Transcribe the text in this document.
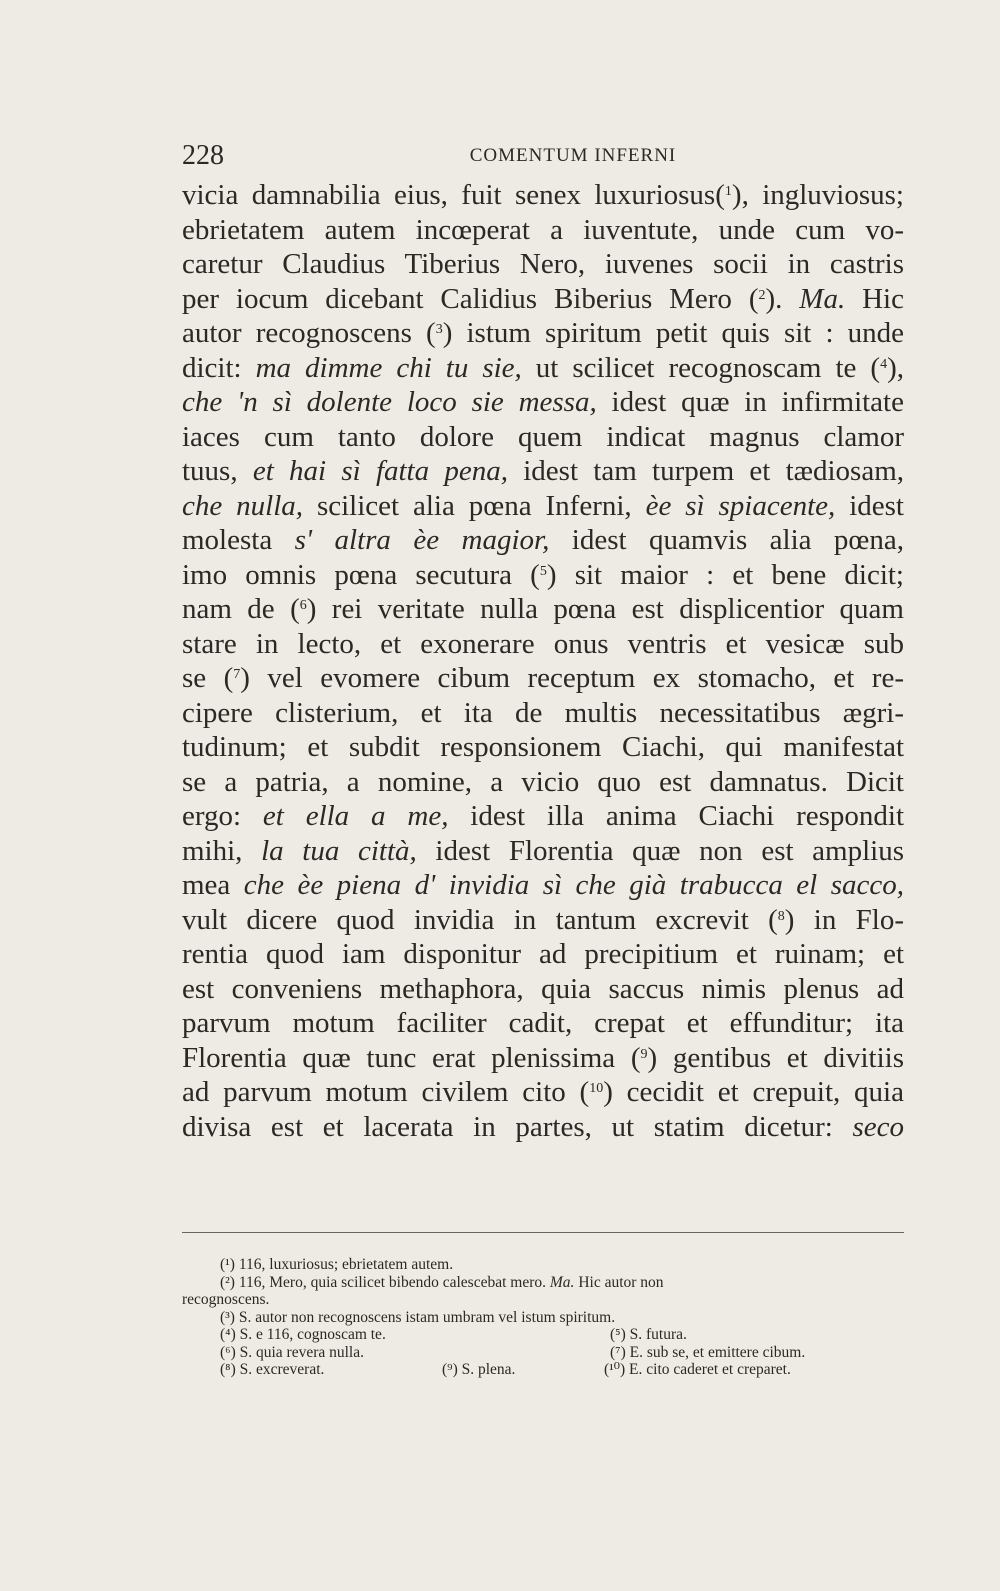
228	COMENTUM INFERNI
vicia damnabilia eius, fuit senex luxuriosus($^1$), ingluviosus;
ebrietatem autem incœperat a iuventute, unde cum vo-
caretur Claudius Tiberius Nero, iuvenes socii in castris
per iocum dicebant Calidius Biberius Mero ($^2$). Ma. Hic
autor recognoscens ($^3$) istum spiritum petit quis sit : unde
dicit: ma dimme chi tu sie, ut scilicet recognoscam te ($^4$),
che 'n sì dolente loco sie messa, idest quæ in infirmitate
iaces cum tanto dolore quem indicat magnus clamor
tuus, et hai sì fatta pena, idest tam turpem et tædiosam,
che nulla, scilicet alia pœna Inferni, èe sì spiacente, idest
molesta s' altra èe magior, idest quamvis alia pœna,
imo omnis pœna secutura ($^5$) sit maior : et bene dicit;
nam de ($^6$) rei veritate nulla pœna est displicentior quam
stare in lecto, et exonerare onus ventris et vesicæ sub
se ($^7$) vel evomere cibum receptum ex stomacho, et re-
cipere clisterium, et ita de multis necessitatibus ægri-
tudinum; et subdit responsionem Ciachi, qui manifestat
se a patria, a nomine, a vicio quo est damnatus. Dicit
ergo: et ella a me, idest illa anima Ciachi respondit
mihi, la tua città, idest Florentia quæ non est amplius
mea che èe piena d' invidia sì che già trabucca el sacco,
vult dicere quod invidia in tantum excrevit ($^8$) in Flo-
rentia quod iam disponitur ad precipitium et ruinam; et
est conveniens methaphora, quia saccus nimis plenus ad
parvum motum faciliter cadit, crepat et effunditur; ita
Florentia quæ tunc erat plenissima ($^9$) gentibus et divitiis
ad parvum motum civilem cito ($^{10}$) cecidit et crepuit, quia
divisa est et lacerata in partes, ut statim dicetur: seco
(¹) 116, luxuriosus; ebrietatem autem.
(²) 116, Mero, quia scilicet bibendo calescebat mero. Ma. Hic autor non
recognoscens.
(³) S. autor non recognoscens istam umbram vel istum spiritum.
(⁴) S. e 116, cognoscam te.	(⁵) S. futura.
(⁶) S. quia revera nulla.	(⁷) E. sub se, et emittere cibum.
(⁸) S. excreverat.	(⁹) S. plena.	(¹⁰) E. cito caderet et creparet.
